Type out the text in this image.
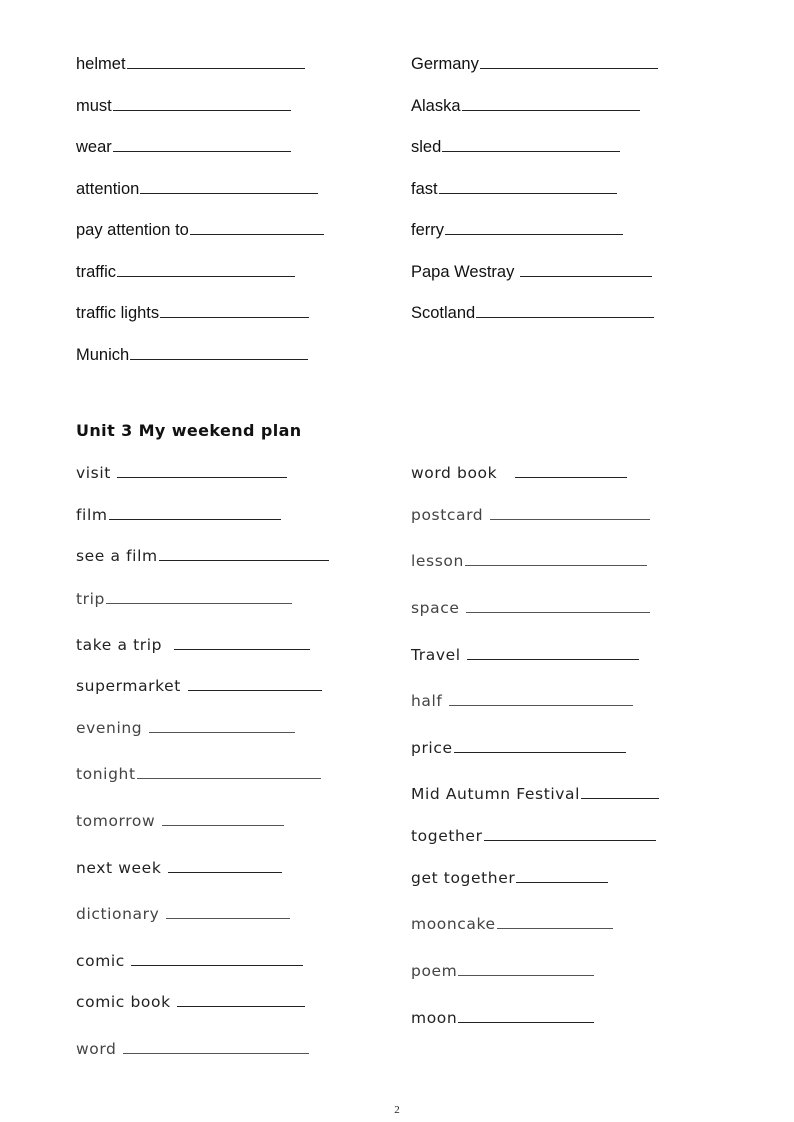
helmet
must
wear
attention
pay attention to
traffic
traffic lights
Munich
Germany
Alaska
sled
fast
ferry
Papa Westray
Scotland
Unit 3 My weekend plan
visit
film
see a film
trip
take a trip
supermarket
evening
tonight
tomorrow
next week
dictionary
comic
comic book
word
word book
postcard
lesson
space
Travel
half
price
Mid Autumn Festival
together
get together
mooncake
poem
moon
2
